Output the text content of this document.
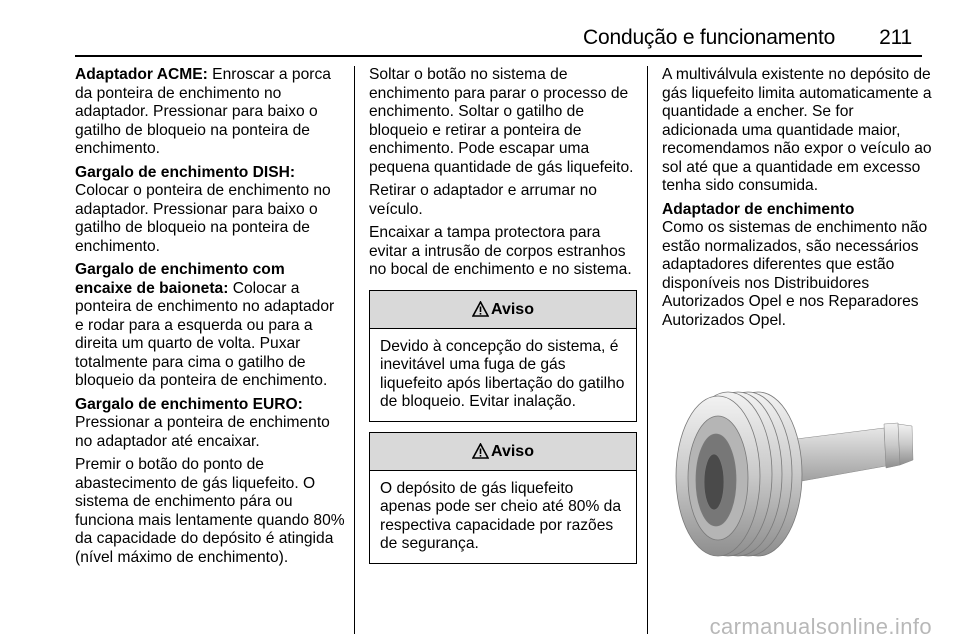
Condução e funcionamento 211

Adaptador ACME: Enroscar a porca da ponteira de enchimento no adaptador. Pressionar para baixo o gatilho de bloqueio na ponteira de enchimento.

Gargalo de enchimento DISH:
Colocar o ponteira de enchimento no adaptador. Pressionar para baixo o gatilho de bloqueio na ponteira de enchimento.

Gargalo de enchimento com encaixe de baioneta: Colocar a ponteira de enchimento no adaptador e rodar para a esquerda ou para a direita um quarto de volta. Puxar totalmente para cima o gatilho de bloqueio da ponteira de enchimento.

Gargalo de enchimento EURO:
Pressionar a ponteira de enchimento no adaptador até encaixar.

Premir o botão do ponto de abastecimento de gás liquefeito. O sistema de enchimento pára ou funciona mais lentamente quando 80% da capacidade do depósito é atingida (nível máximo de enchimento).

Soltar o botão no sistema de enchimento para parar o processo de enchimento. Soltar o gatilho de bloqueio e retirar a ponteira de enchimento. Pode escapar uma pequena quantidade de gás liquefeito.

Retirar o adaptador e arrumar no veículo.

Encaixar a tampa protectora para evitar a intrusão de corpos estranhos no bocal de enchimento e no sistema.

Aviso
Devido à concepção do sistema, é inevitável uma fuga de gás liquefeito após libertação do gatilho de bloqueio. Evitar inalação.
Aviso
O depósito de gás liquefeito apenas pode ser cheio até 80% da respectiva capacidade por razões de segurança.

A multiválvula existente no depósito de gás liquefeito limita automaticamente a quantidade a encher. Se for adicionada uma quantidade maior, recomendamos não expor o veículo ao sol até que a quantidade em excesso tenha sido consumida.

Adaptador de enchimento

Como os sistemas de enchimento não estão normalizados, são necessários adaptadores diferentes que estão disponíveis nos Distribuidores Autorizados Opel e nos Reparadores Autorizados Opel.

carmanualsonline.info
